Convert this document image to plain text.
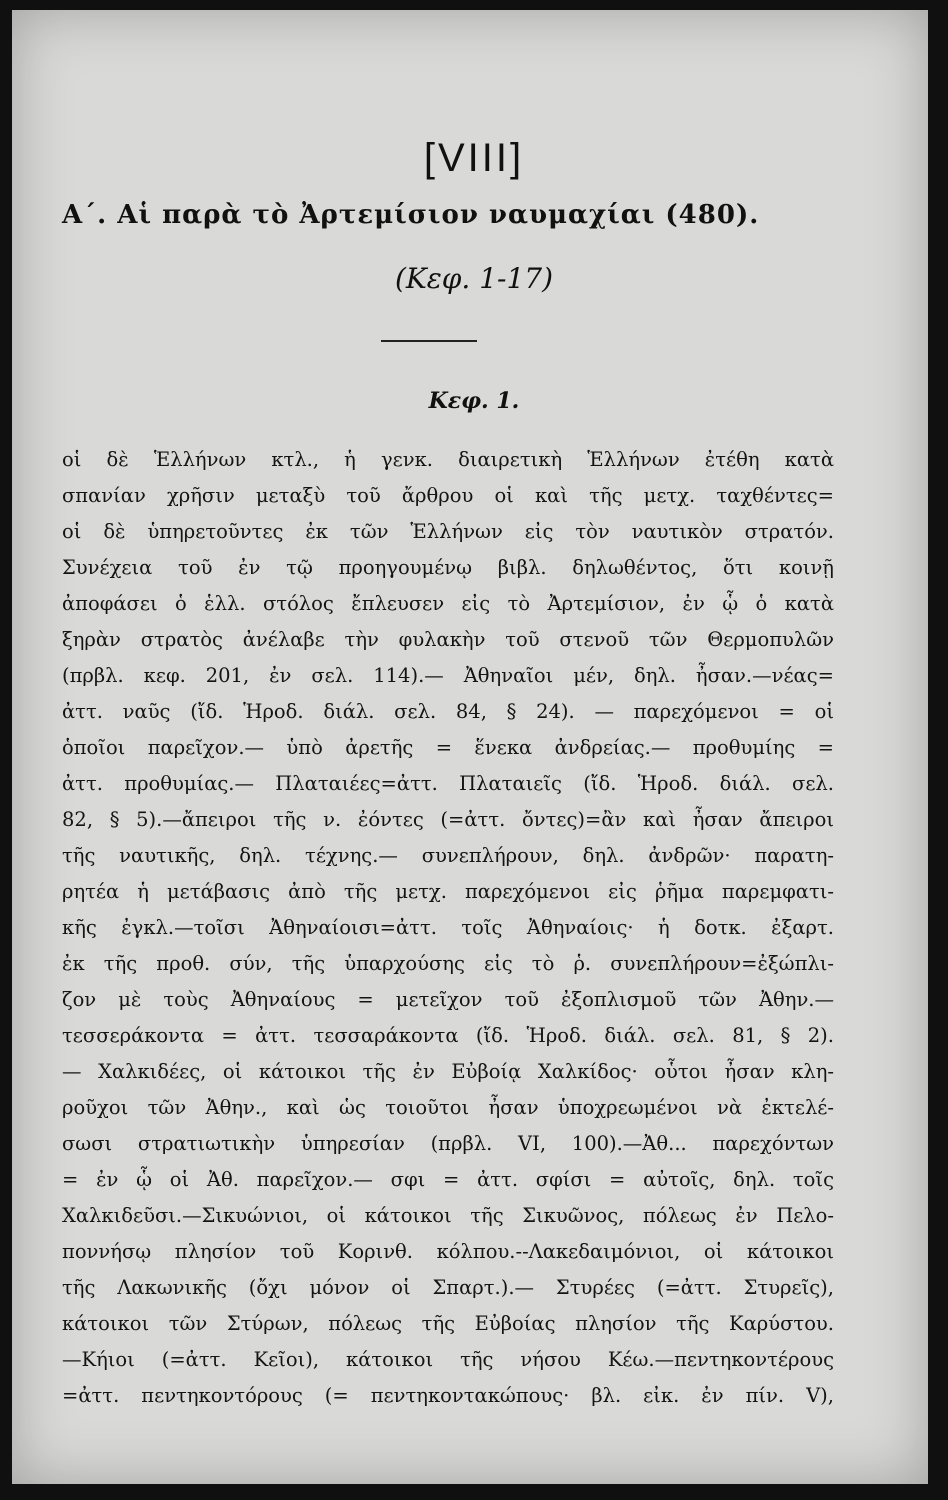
[VIII]
Α΄. Αἱ παρὰ τὸ Ἀρτεμίσιον ναυμαχίαι (480).
(Κεφ. 1-17)
Κεφ. 1.
οἱ δὲ Ἑλλήνων κτλ., ἡ γενκ. διαιρετικὴ Ἑλλήνων ἐτέθη κατὰ
σπανίαν χρῆσιν μεταξὺ τοῦ ἄρθρου οἱ καὶ τῆς μετχ. ταχθέντες=
οἱ δὲ ὑπηρετοῦντες ἐκ τῶν Ἑλλήνων εἰς τὸν ναυτικὸν στρατόν.
Συνέχεια τοῦ ἐν τῷ προηγουμένῳ βιβλ. δηλωθέντος, ὅτι κοινῇ
ἀποφάσει ὁ ἑλλ. στόλος ἔπλευσεν εἰς τὸ Ἀρτεμίσιον, ἐν ᾧ ὁ κατὰ
ξηρὰν στρατὸς ἀνέλαβε τὴν φυλακὴν τοῦ στενοῦ τῶν Θερμοπυλῶν
(πρβλ. κεφ. 201, ἐν σελ. 114).— Ἀθηναῖοι μέν, δηλ. ἦσαν.—νέας=
ἀττ. ναῦς (ἴδ. Ἡροδ. διάλ. σελ. 84, § 24). — παρεχόμενοι = οἱ
ὁποῖοι παρεῖχον.— ὑπὸ ἀρετῆς = ἕνεκα ἀνδρείας.— προθυμίης =
ἀττ. προθυμίας.— Πλαταιέες=ἀττ. Πλαταιεῖς (ἴδ. Ἡροδ. διάλ. σελ.
82, § 5).—ἄπειροι τῆς ν. ἐόντες (=ἀττ. ὄντες)=ἂν καὶ ἦσαν ἄπειροι
τῆς ναυτικῆς, δηλ. τέχνης.— συνεπλήρουν, δηλ. ἀνδρῶν· παρατη-
ρητέα ἡ μετάβασις ἀπὸ τῆς μετχ. παρεχόμενοι εἰς ῥῆμα παρεμφατι-
κῆς ἐγκλ.—τοῖσι Ἀθηναίοισι=ἀττ. τοῖς Ἀθηναίοις· ἡ δοτκ. ἐξαρτ.
ἐκ τῆς προθ. σύν, τῆς ὑπαρχούσης εἰς τὸ ῥ. συνεπλήρουν=ἐξώπλι-
ζον μὲ τοὺς Ἀθηναίους = μετεῖχον τοῦ ἐξοπλισμοῦ τῶν Ἀθην.—
τεσσεράκοντα = ἀττ. τεσσαράκοντα (ἴδ. Ἡροδ. διάλ. σελ. 81, § 2).
— Χαλκιδέες, οἱ κάτοικοι τῆς ἐν Εὐβοίᾳ Χαλκίδος· οὗτοι ἦσαν κλη-
ροῦχοι τῶν Ἀθην., καὶ ὡς τοιοῦτοι ἦσαν ὑποχρεωμένοι νὰ ἐκτελέ-
σωσι στρατιωτικὴν ὑπηρεσίαν (πρβλ. VI, 100).—Ἀθ... παρεχόντων
= ἐν ᾧ οἱ Ἀθ. παρεῖχον.— σφι = ἀττ. σφίσι = αὐτοῖς, δηλ. τοῖς
Χαλκιδεῦσι.—Σικυώνιοι, οἱ κάτοικοι τῆς Σικυῶνος, πόλεως ἐν Πελο-
ποννήσῳ πλησίον τοῦ Κορινθ. κόλπου.--Λακεδαιμόνιοι, οἱ κάτοικοι
τῆς Λακωνικῆς (ὄχι μόνον οἱ Σπαρτ.).— Στυρέες (=ἀττ. Στυρεῖς),
κάτοικοι τῶν Στύρων, πόλεως τῆς Εὐβοίας πλησίον τῆς Καρύστου.
—Κήιοι (=ἀττ. Κεῖοι), κάτοικοι τῆς νήσου Κέω.—πεντηκοντέρους
=ἀττ. πεντηκοντόρους (= πεντηκοντακώπους· βλ. εἰκ. ἐν πίν. V),
